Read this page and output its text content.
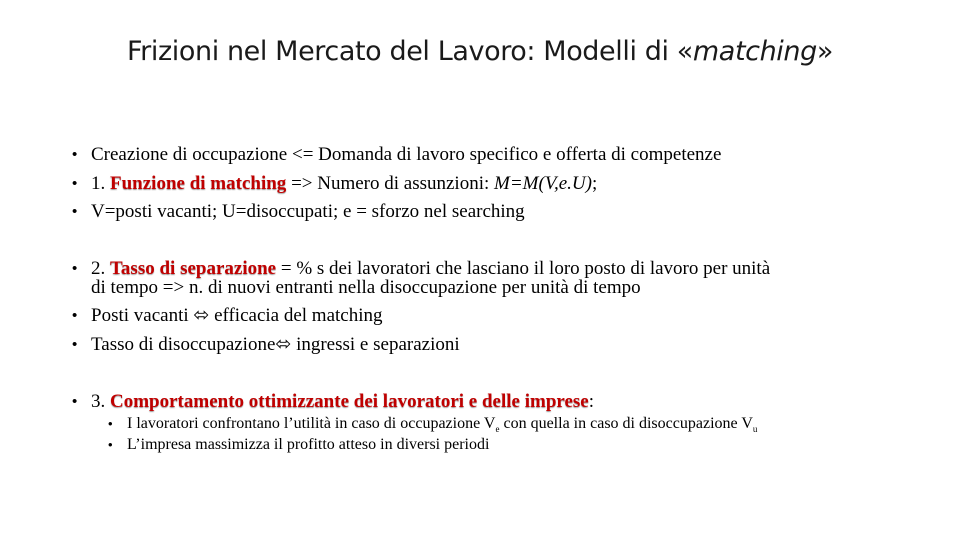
Frizioni nel Mercato del Lavoro: Modelli di «matching»
• Creazione di occupazione <= Domanda di lavoro specifico e offerta di competenze
• 1. Funzione di matching => Numero di assunzioni: M=M(V,e.U);
• V=posti vacanti; U=disoccupati; e = sforzo nel searching
• 2. Tasso di separazione = % s dei lavoratori che lasciano il loro posto di lavoro per unità
di tempo => n. di nuovi entranti nella disoccupazione per unità di tempo
• Posti vacanti ⬄ efficacia del matching
• Tasso di disoccupazione⬄ ingressi e separazioni
• 3. Comportamento ottimizzante dei lavoratori e delle imprese:
• I lavoratori confrontano l’utilità in caso di occupazione $V_e$ con quella in caso di disoccupazione $V_u$
• L’impresa massimizza il profitto atteso in diversi periodi
